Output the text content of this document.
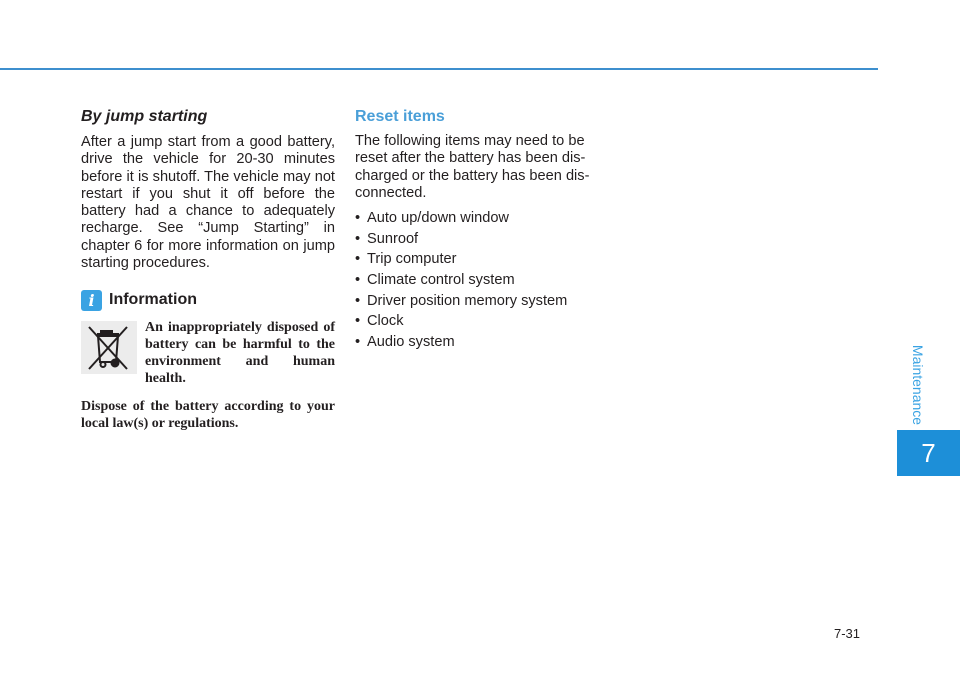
By jump starting

After a jump start from a good battery, drive the vehicle for 20-30 minutes before it is shutoff. The vehicle may not restart if you shut it off before the battery had a chance to adequately recharge. See “Jump Starting” in chapter 6 for more information on jump starting procedures.

i Information
An inappropriately disposed of battery can be harmful to the environment and human health.
Dispose of the battery according to your local law(s) or regulations.
Reset items

The following items may need to be reset after the battery has been discharged or the battery has been disconnected.

• Auto up/down window
• Sunroof
• Trip computer
• Climate control system
• Driver position memory system
• Clock
• Audio system
Maintenance
7
7-31
